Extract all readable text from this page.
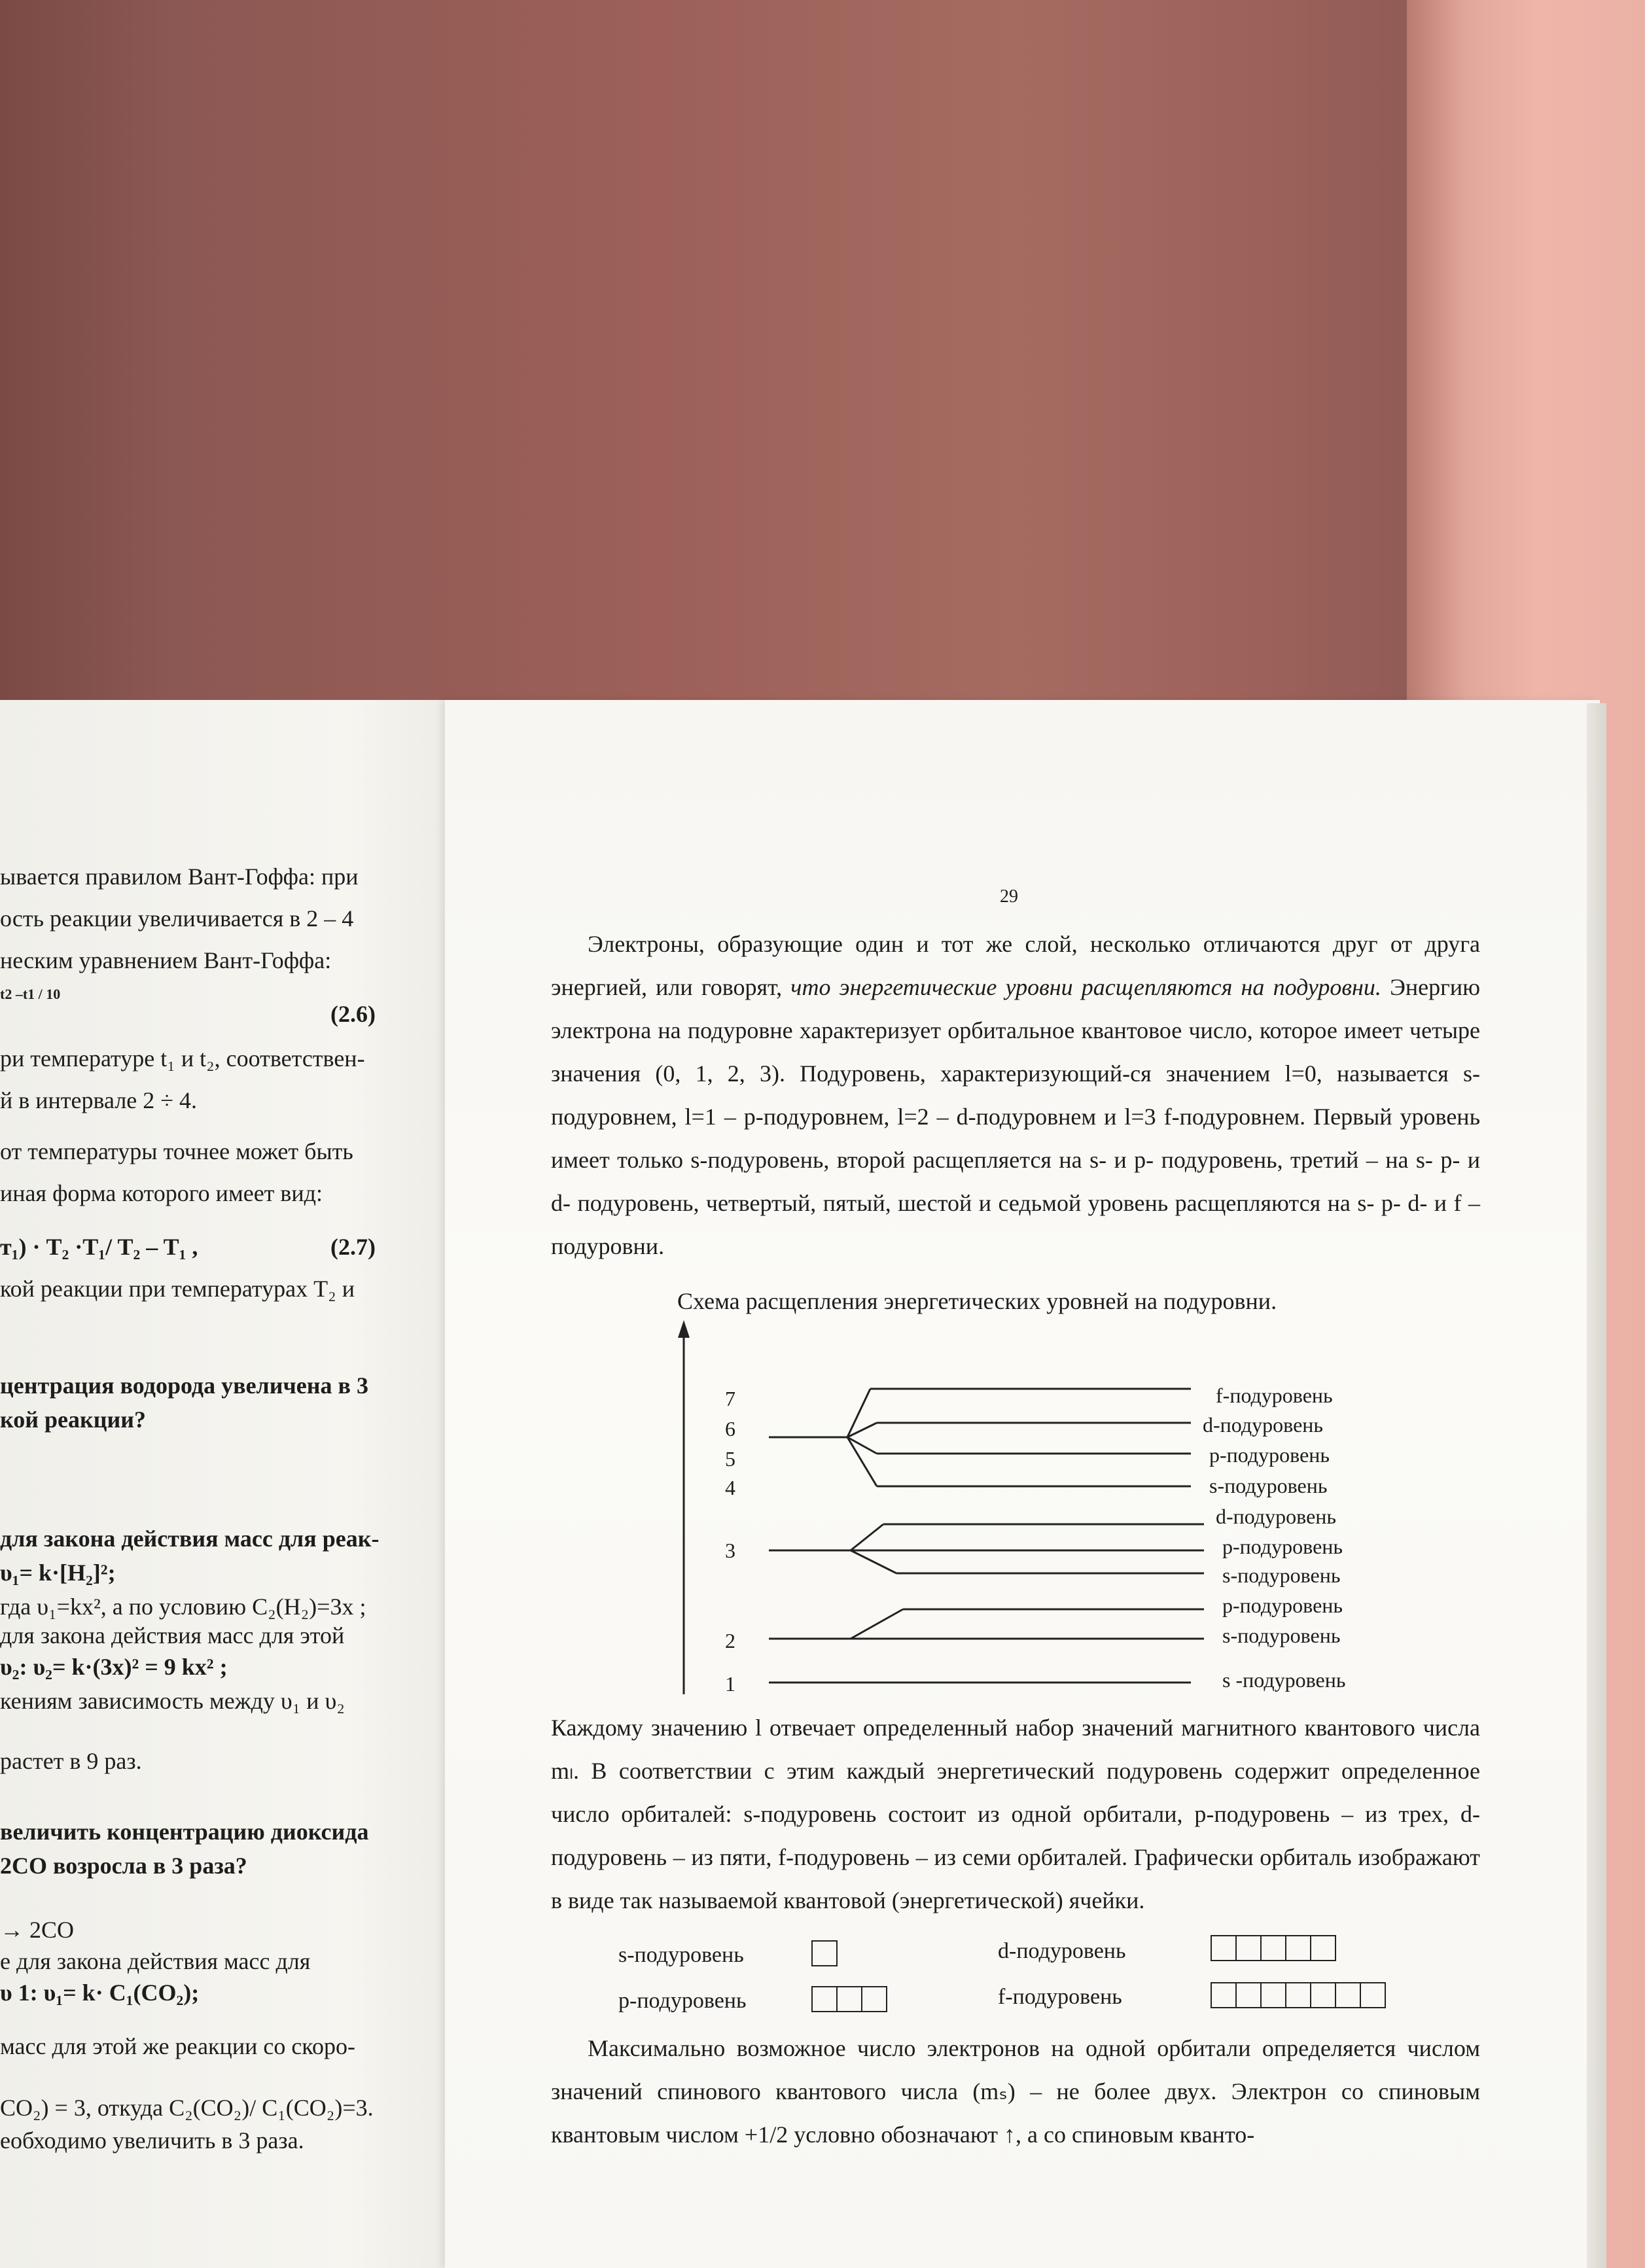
ывается правилом Вант-Гоффа: при
ость реакции увеличивается в 2 – 4
неским уравнением Вант-Гоффа:
t2 –t1 / 10
(2.6)
ри температуре t₁ и t₂, соответствен-
й в интервале 2 ÷ 4.
от температуры точнее может быть
иная форма которого имеет вид:
т₁) · T₂ ·T₁/ T₂ – T₁ ,	(2.7)
кой реакции при температурах T₂ и
центрация водорода увеличена в 3
кой реакции?
для закона действия масс для реак-
υ₁= k·[H₂]²;
гда υ₁=kx², а по условию C₂(H₂)=3x ;
для закона действия масс для этой
υ₂: υ₂= k·(3x)² = 9 kx² ;
кениям зависимость между υ₁ и υ₂
растет в 9 раз.
величить концентрацию диоксида
2CO возросла в 3 раза?
→ 2CO
е для закона действия масс для
υ 1: υ₁= k· C₁(CO₂);
масс для этой же реакции со скоро-
CO₂) = 3, откуда C₂(CO₂)/ C₁(CO₂)=3.
еобходимо увеличить в 3 раза.
29

Электроны, образующие один и тот же слой, несколько отличаются друг от друга энергией, или говорят, что энергетические уровни расщепляются на подуровни. Энергию электрона на подуровне характеризует орбитальное квантовое число, которое имеет четыре значения (0, 1, 2, 3). Подуровень, характеризующий-ся значением l=0, называется s-подуровнем, l=1 – p-подуровнем, l=2 – d-подуровнем и l=3 f-подуровнем. Первый уровень имеет только s-подуровень, второй расщепляется на s- и p- подуровень, третий – на s- p- и d- подуровень, четвертый, пятый, шестой и седьмой уровень расщепляются на s- p- d- и f – подуровни.

Схема расщепления энергетических уровней на подуровни.
7
6
5
4
3
2
1
f-подуровень
d-подуровень
p-подуровень
s-подуровень
d-подуровень
p-подуровень
s-подуровень
p-подуровень
s-подуровень
s -подуровень

Каждому значению l отвечает определенный набор значений магнитного квантового числа mₗ. В соответствии с этим каждый энергетический подуровень содержит определенное число орбиталей: s-подуровень состоит из одной орбитали, p-подуровень – из трех, d-подуровень – из пяти, f-подуровень – из семи орбиталей. Графически орбиталь изображают в виде так называемой квантовой (энергетической) ячейки.

s-подуровень
p-подуровень
d-подуровень
f-подуровень

Максимально возможное число электронов на одной орбитали определяется числом значений спинового квантового числа (mₛ) – не более двух. Электрон со спиновым квантовым числом +1/2 условно обозначают ↑, а со спиновым кванто-
